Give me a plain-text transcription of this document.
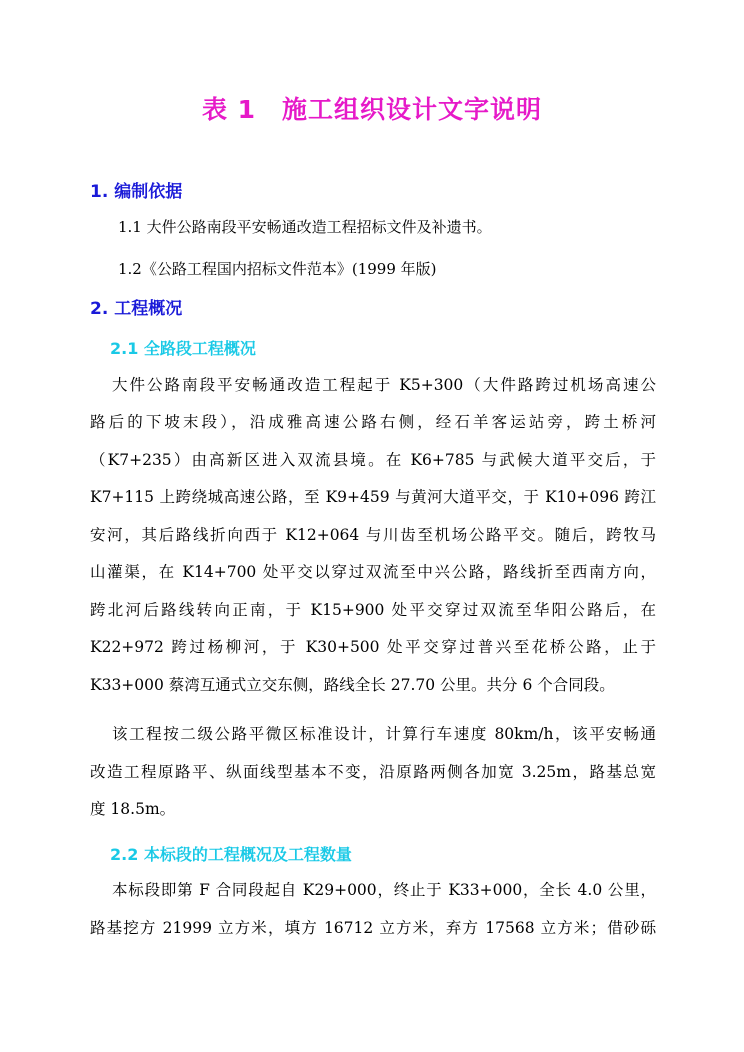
表 1　施工组织设计文字说明
1. 编制依据
1.1 大件公路南段平安畅通改造工程招标文件及补遗书。
1.2《公路工程国内招标文件范本》(1999 年版)
2. 工程概况
2.1 全路段工程概况
大件公路南段平安畅通改造工程起于 K5+300（大件路跨过机场高速公
路后的下坡末段），沿成雅高速公路右侧，经石羊客运站旁，跨土桥河
（K7+235）由高新区进入双流县境。在 K6+785 与武候大道平交后，于
K7+115 上跨绕城高速公路，至 K9+459 与黄河大道平交，于 K10+096 跨江
安河，其后路线折向西于 K12+064 与川齿至机场公路平交。随后，跨牧马
山灌渠，在 K14+700 处平交以穿过双流至中兴公路，路线折至西南方向，
跨北河后路线转向正南，于 K15+900 处平交穿过双流至华阳公路后，在
K22+972 跨过杨柳河，于 K30+500 处平交穿过普兴至花桥公路，止于
K33+000 蔡湾互通式立交东侧，路线全长 27.70 公里。共分 6 个合同段。
该工程按二级公路平微区标准设计，计算行车速度 80km/h，该平安畅通
改造工程原路平、纵面线型基本不变，沿原路两侧各加宽 3.25m，路基总宽
度 18.5m。
2.2 本标段的工程概况及工程数量
本标段即第 F 合同段起自 K29+000，终止于 K33+000，全长 4.0 公里，
路基挖方 21999 立方米，填方 16712 立方米，弃方 17568 立方米；借砂砾
